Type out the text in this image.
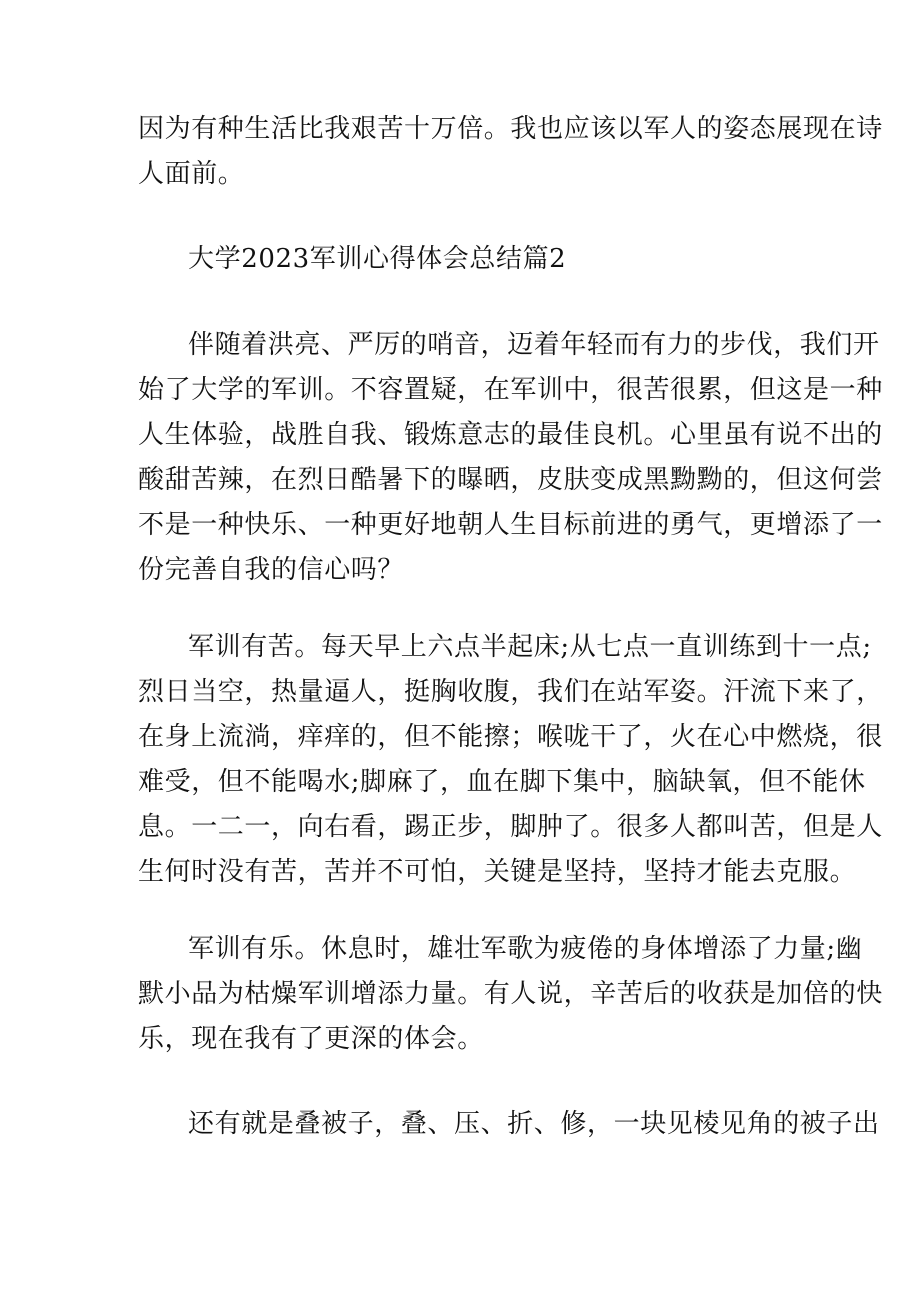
因为有种生活比我艰苦十万倍。我也应该以军人的姿态展现在诗

人面前。

大学2023军训心得体会总结篇2

伴随着洪亮、严厉的哨音，迈着年轻而有力的步伐，我们开

始了大学的军训。不容置疑，在军训中，很苦很累，但这是一种

人生体验，战胜自我、锻炼意志的最佳良机。心里虽有说不出的

酸甜苦辣，在烈日酷暑下的曝晒，皮肤变成黑黝黝的，但这何尝

不是一种快乐、一种更好地朝人生目标前进的勇气，更增添了一

份完善自我的信心吗？

军训有苦。每天早上六点半起床;从七点一直训练到十一点;

烈日当空，热量逼人，挺胸收腹，我们在站军姿。汗流下来了，

在身上流淌，痒痒的，但不能擦；喉咙干了，火在心中燃烧，很

难受，但不能喝水;脚麻了，血在脚下集中，脑缺氧，但不能休

息。一二一，向右看，踢正步，脚肿了。很多人都叫苦，但是人

生何时没有苦，苦并不可怕，关键是坚持，坚持才能去克服。

军训有乐。休息时，雄壮军歌为疲倦的身体增添了力量;幽

默小品为枯燥军训增添力量。有人说，辛苦后的收获是加倍的快

乐，现在我有了更深的体会。

还有就是叠被子，叠、压、折、修，一块见棱见角的被子出
